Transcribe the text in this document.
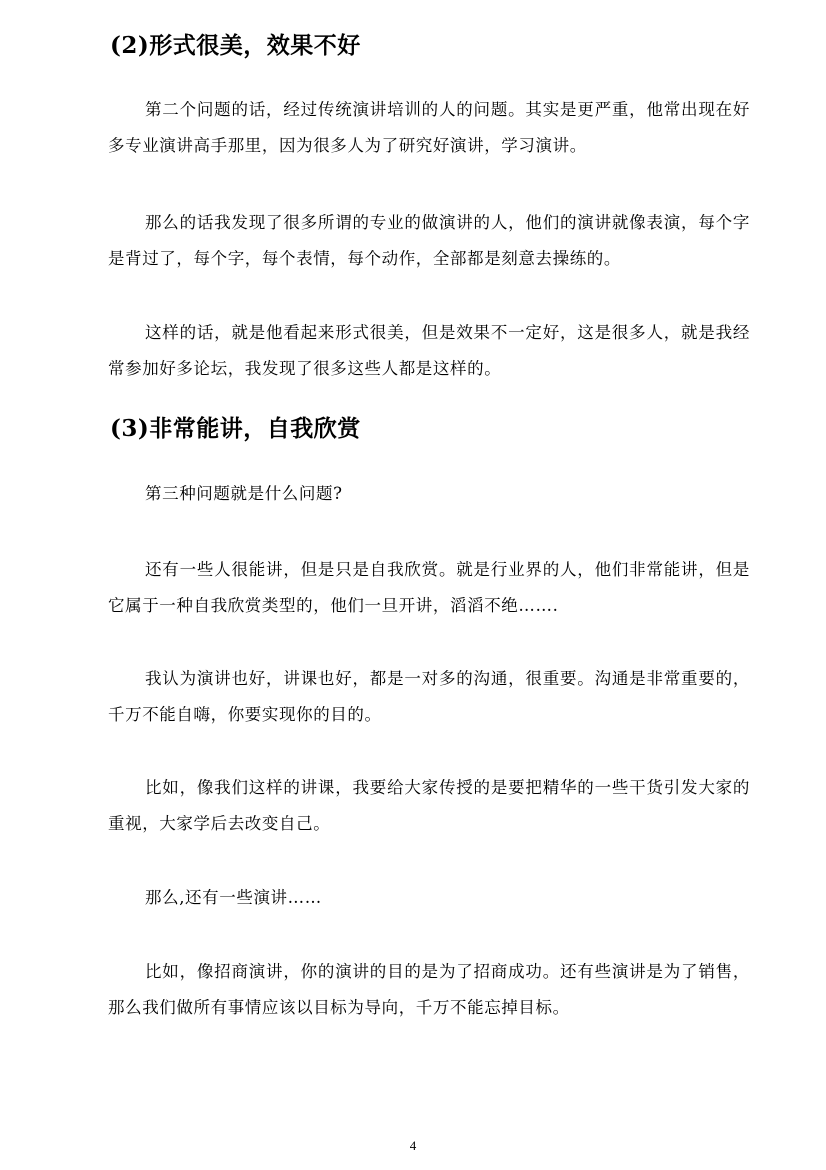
(2)形式很美，效果不好

第二个问题的话，经过传统演讲培训的人的问题。其实是更严重，他常出现在好多专业演讲高手那里，因为很多人为了研究好演讲，学习演讲。

那么的话我发现了很多所谓的专业的做演讲的人，他们的演讲就像表演，每个字是背过了，每个字，每个表情，每个动作，全部都是刻意去操练的。

这样的话，就是他看起来形式很美，但是效果不一定好，这是很多人，就是我经常参加好多论坛，我发现了很多这些人都是这样的。

(3)非常能讲，自我欣赏

第三种问题就是什么问题?

还有一些人很能讲，但是只是自我欣赏。就是行业界的人，他们非常能讲，但是它属于一种自我欣赏类型的，他们一旦开讲，滔滔不绝…….

我认为演讲也好，讲课也好，都是一对多的沟通，很重要。沟通是非常重要的，千万不能自嗨，你要实现你的目的。

比如，像我们这样的讲课，我要给大家传授的是要把精华的一些干货引发大家的重视，大家学后去改变自己。

那么,还有一些演讲……

比如，像招商演讲，你的演讲的目的是为了招商成功。还有些演讲是为了销售，那么我们做所有事情应该以目标为导向，千万不能忘掉目标。

4
